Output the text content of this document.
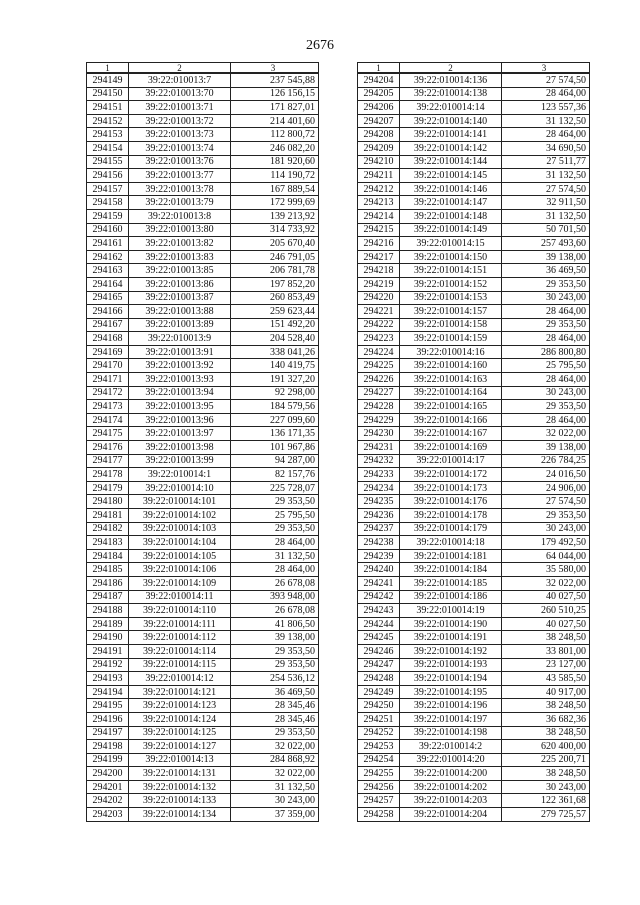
2676
1	2	3
294149	39:22:010013:7	237 545,88
294150	39:22:010013:70	126 156,15
294151	39:22:010013:71	171 827,01
294152	39:22:010013:72	214 401,60
294153	39:22:010013:73	112 800,72
294154	39:22:010013:74	246 082,20
294155	39:22:010013:76	181 920,60
294156	39:22:010013:77	114 190,72
294157	39:22:010013:78	167 889,54
294158	39:22:010013:79	172 999,69
294159	39:22:010013:8	139 213,92
294160	39:22:010013:80	314 733,92
294161	39:22:010013:82	205 670,40
294162	39:22:010013:83	246 791,05
294163	39:22:010013:85	206 781,78
294164	39:22:010013:86	197 852,20
294165	39:22:010013:87	260 853,49
294166	39:22:010013:88	259 623,44
294167	39:22:010013:89	151 492,20
294168	39:22:010013:9	204 528,40
294169	39:22:010013:91	338 041,26
294170	39:22:010013:92	140 419,75
294171	39:22:010013:93	191 327,20
294172	39:22:010013:94	92 298,00
294173	39:22:010013:95	184 579,56
294174	39:22:010013:96	227 099,60
294175	39:22:010013:97	136 171,35
294176	39:22:010013:98	101 967,86
294177	39:22:010013:99	94 287,00
294178	39:22:010014:1	82 157,76
294179	39:22:010014:10	225 728,07
294180	39:22:010014:101	29 353,50
294181	39:22:010014:102	25 795,50
294182	39:22:010014:103	29 353,50
294183	39:22:010014:104	28 464,00
294184	39:22:010014:105	31 132,50
294185	39:22:010014:106	28 464,00
294186	39:22:010014:109	26 678,08
294187	39:22:010014:11	393 948,00
294188	39:22:010014:110	26 678,08
294189	39:22:010014:111	41 806,50
294190	39:22:010014:112	39 138,00
294191	39:22:010014:114	29 353,50
294192	39:22:010014:115	29 353,50
294193	39:22:010014:12	254 536,12
294194	39:22:010014:121	36 469,50
294195	39:22:010014:123	28 345,46
294196	39:22:010014:124	28 345,46
294197	39:22:010014:125	29 353,50
294198	39:22:010014:127	32 022,00
294199	39:22:010014:13	284 868,92
294200	39:22:010014:131	32 022,00
294201	39:22:010014:132	31 132,50
294202	39:22:010014:133	30 243,00
294203	39:22:010014:134	37 359,00
1	2	3
294204	39:22:010014:136	27 574,50
294205	39:22:010014:138	28 464,00
294206	39:22:010014:14	123 557,36
294207	39:22:010014:140	31 132,50
294208	39:22:010014:141	28 464,00
294209	39:22:010014:142	34 690,50
294210	39:22:010014:144	27 511,77
294211	39:22:010014:145	31 132,50
294212	39:22:010014:146	27 574,50
294213	39:22:010014:147	32 911,50
294214	39:22:010014:148	31 132,50
294215	39:22:010014:149	50 701,50
294216	39:22:010014:15	257 493,60
294217	39:22:010014:150	39 138,00
294218	39:22:010014:151	36 469,50
294219	39:22:010014:152	29 353,50
294220	39:22:010014:153	30 243,00
294221	39:22:010014:157	28 464,00
294222	39:22:010014:158	29 353,50
294223	39:22:010014:159	28 464,00
294224	39:22:010014:16	286 800,80
294225	39:22:010014:160	25 795,50
294226	39:22:010014:163	28 464,00
294227	39:22:010014:164	30 243,00
294228	39:22:010014:165	29 353,50
294229	39:22:010014:166	28 464,00
294230	39:22:010014:167	32 022,00
294231	39:22:010014:169	39 138,00
294232	39:22:010014:17	226 784,25
294233	39:22:010014:172	24 016,50
294234	39:22:010014:173	24 906,00
294235	39:22:010014:176	27 574,50
294236	39:22:010014:178	29 353,50
294237	39:22:010014:179	30 243,00
294238	39:22:010014:18	179 492,50
294239	39:22:010014:181	64 044,00
294240	39:22:010014:184	35 580,00
294241	39:22:010014:185	32 022,00
294242	39:22:010014:186	40 027,50
294243	39:22:010014:19	260 510,25
294244	39:22:010014:190	40 027,50
294245	39:22:010014:191	38 248,50
294246	39:22:010014:192	33 801,00
294247	39:22:010014:193	23 127,00
294248	39:22:010014:194	43 585,50
294249	39:22:010014:195	40 917,00
294250	39:22:010014:196	38 248,50
294251	39:22:010014:197	36 682,36
294252	39:22:010014:198	38 248,50
294253	39:22:010014:2	620 400,00
294254	39:22:010014:20	225 200,71
294255	39:22:010014:200	38 248,50
294256	39:22:010014:202	30 243,00
294257	39:22:010014:203	122 361,68
294258	39:22:010014:204	279 725,57
